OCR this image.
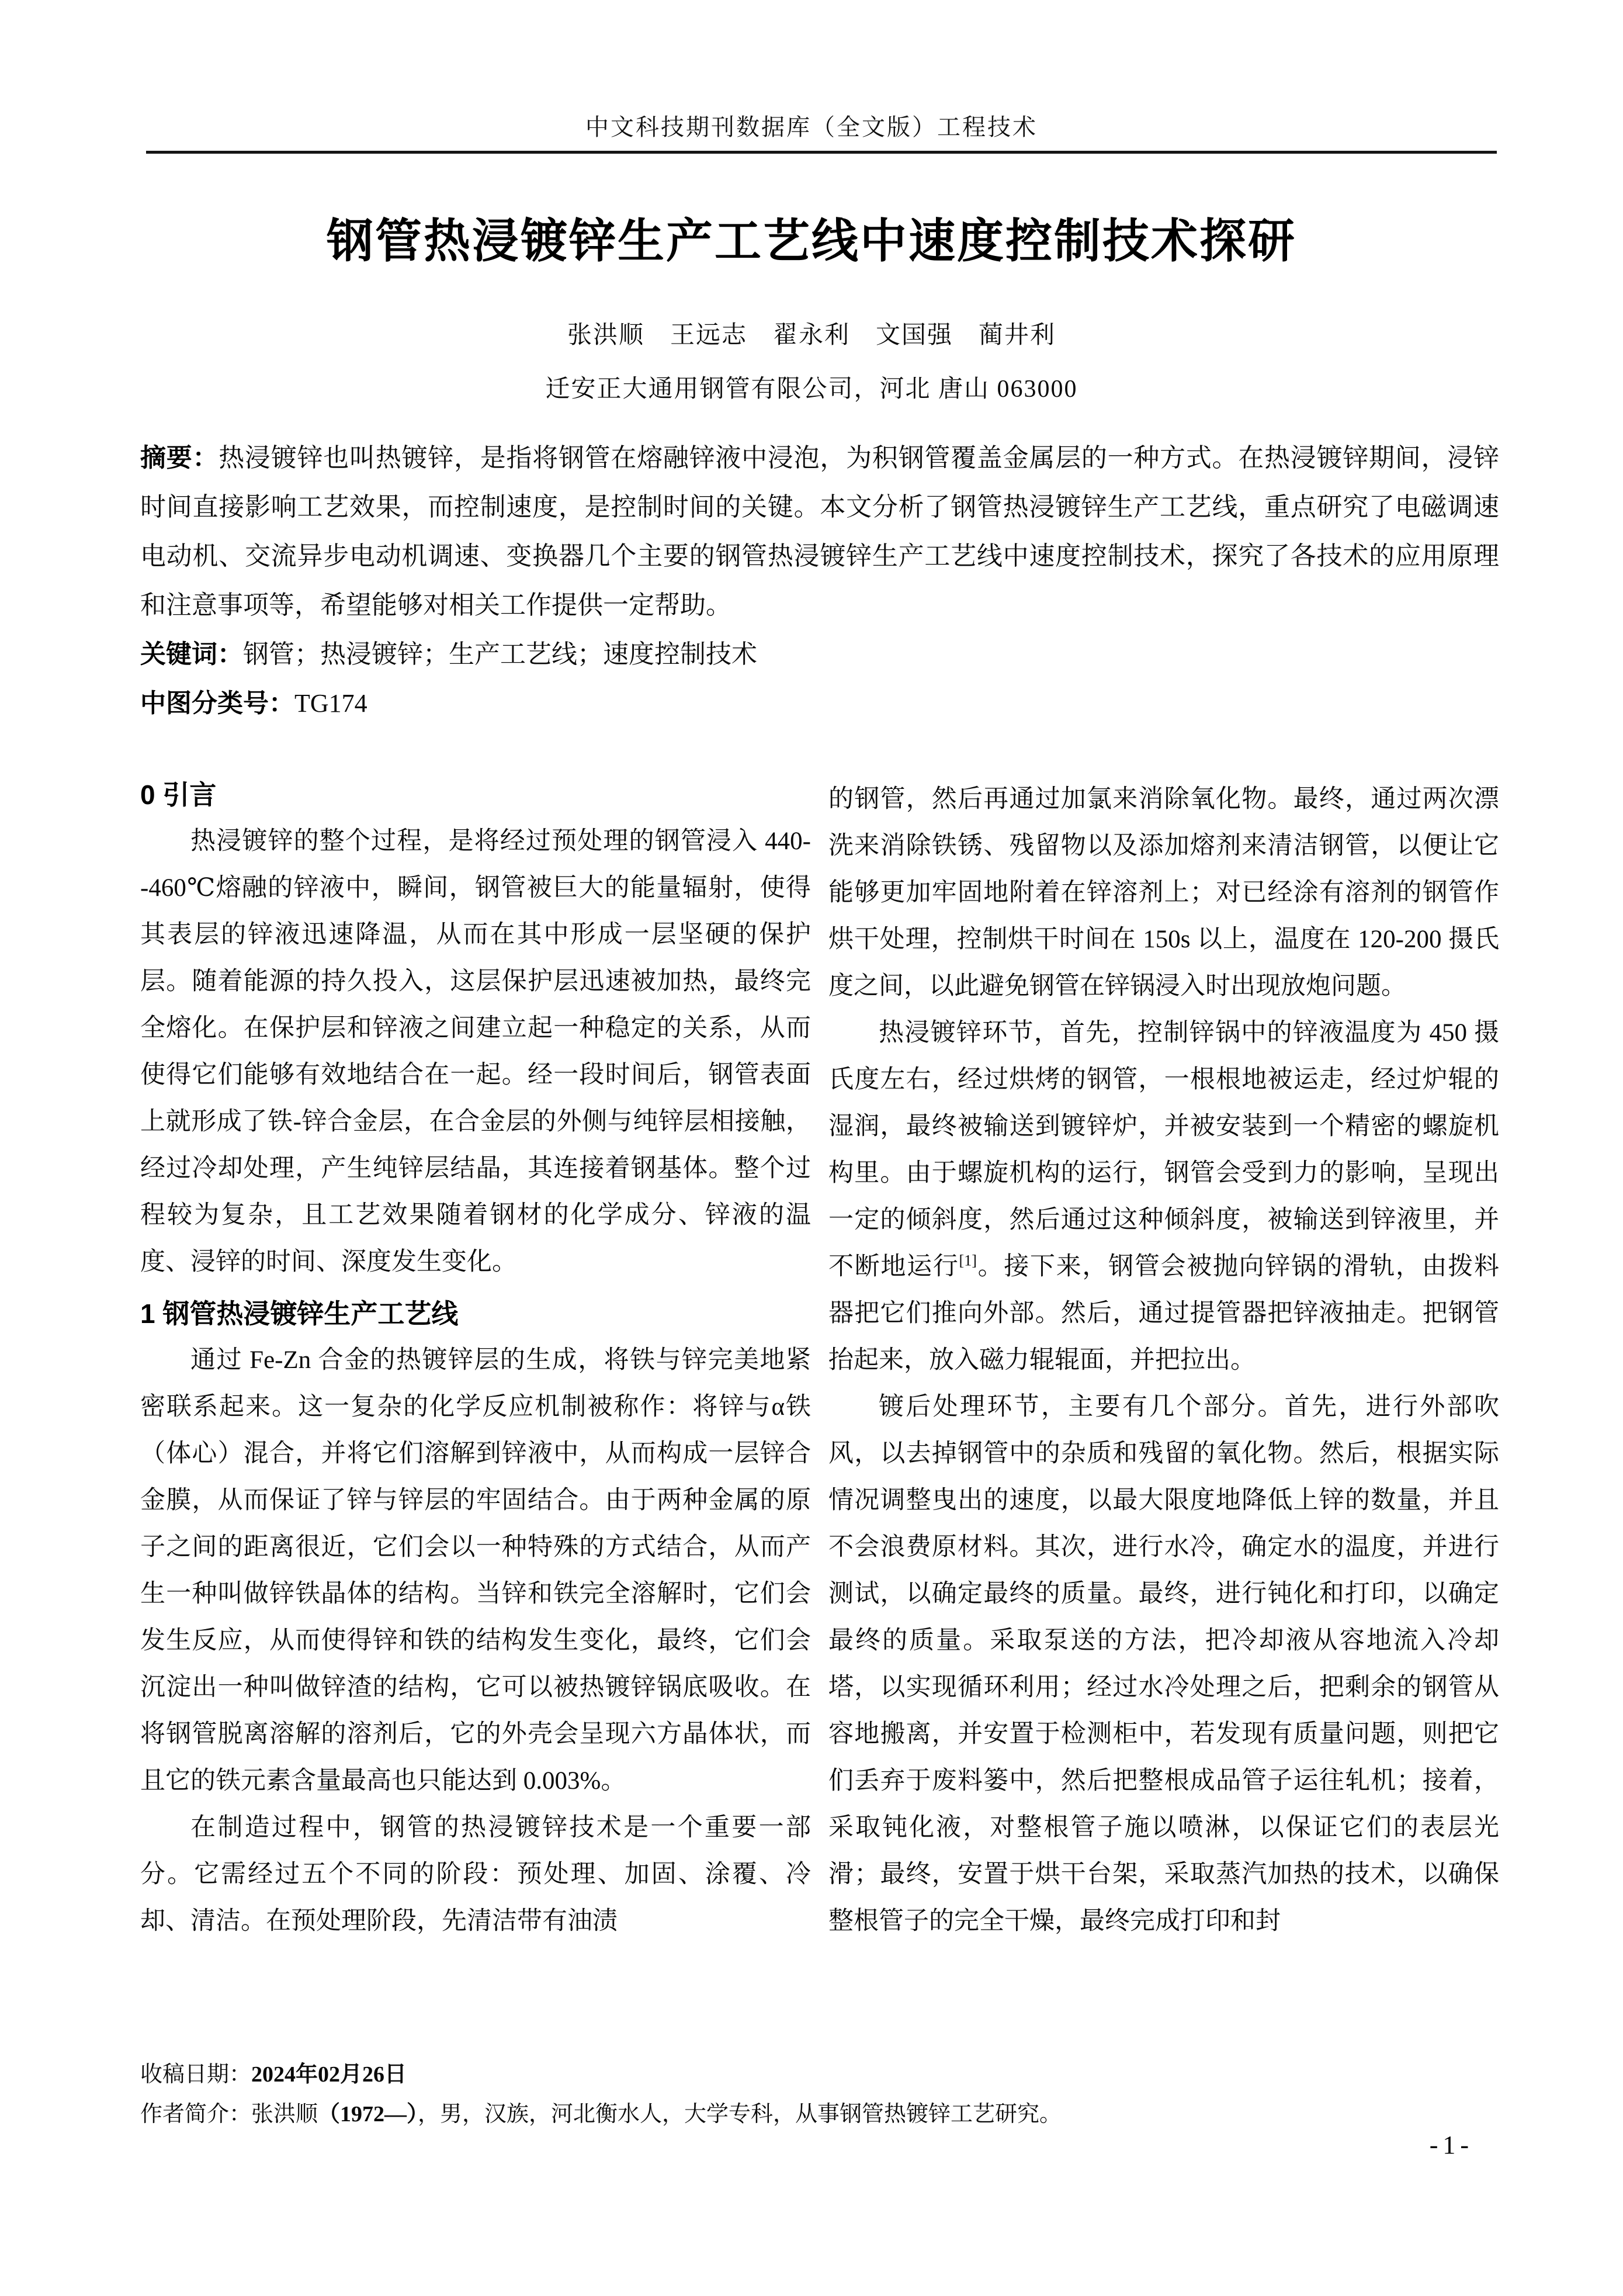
中文科技期刊数据库（全文版）工程技术
钢管热浸镀锌生产工艺线中速度控制技术探研
张洪顺　王远志　翟永利　文国强　蔺井利
迁安正大通用钢管有限公司，河北 唐山 063000

摘要：热浸镀锌也叫热镀锌，是指将钢管在熔融锌液中浸泡，为积钢管覆盖金属层的一种方式。在热浸镀锌期间，浸锌时间直接影响工艺效果，而控制速度，是控制时间的关键。本文分析了钢管热浸镀锌生产工艺线，重点研究了电磁调速电动机、交流异步电动机调速、变换器几个主要的钢管热浸镀锌生产工艺线中速度控制技术，探究了各技术的应用原理和注意事项等，希望能够对相关工作提供一定帮助。

关键词：钢管；热浸镀锌；生产工艺线；速度控制技术

中图分类号：TG174

0 引言

热浸镀锌的整个过程，是将经过预处理的钢管浸入 440--460℃熔融的锌液中，瞬间，钢管被巨大的能量辐射，使得其表层的锌液迅速降温，从而在其中形成一层坚硬的保护层。随着能源的持久投入，这层保护层迅速被加热，最终完全熔化。在保护层和锌液之间建立起一种稳定的关系，从而使得它们能够有效地结合在一起。经一段时间后，钢管表面上就形成了铁-锌合金层，在合金层的外侧与纯锌层相接触，经过冷却处理，产生纯锌层结晶，其连接着钢基体。整个过程较为复杂，且工艺效果随着钢材的化学成分、锌液的温度、浸锌的时间、深度发生变化。

1 钢管热浸镀锌生产工艺线

通过 Fe-Zn 合金的热镀锌层的生成，将铁与锌完美地紧密联系起来。这一复杂的化学反应机制被称作：将锌与α铁（体心）混合，并将它们溶解到锌液中，从而构成一层锌合金膜，从而保证了锌与锌层的牢固结合。由于两种金属的原子之间的距离很近，它们会以一种特殊的方式结合，从而产生一种叫做锌铁晶体的结构。当锌和铁完全溶解时，它们会发生反应，从而使得锌和铁的结构发生变化，最终，它们会沉淀出一种叫做锌渣的结构，它可以被热镀锌锅底吸收。在将钢管脱离溶解的溶剂后，它的外壳会呈现六方晶体状，而且它的铁元素含量最高也只能达到 0.003%。

在制造过程中，钢管的热浸镀锌技术是一个重要一部分。它需经过五个不同的阶段：预处理、加固、涂覆、冷却、清洁。在预处理阶段，先清洁带有油渍

的钢管，然后再通过加氯来消除氧化物。最终，通过两次漂洗来消除铁锈、残留物以及添加熔剂来清洁钢管，以便让它能够更加牢固地附着在锌溶剂上；对已经涂有溶剂的钢管作烘干处理，控制烘干时间在 150s 以上，温度在 120-200 摄氏度之间，以此避免钢管在锌锅浸入时出现放炮问题。

热浸镀锌环节，首先，控制锌锅中的锌液温度为 450 摄氏度左右，经过烘烤的钢管，一根根地被运走，经过炉辊的湿润，最终被输送到镀锌炉，并被安装到一个精密的螺旋机构里。由于螺旋机构的运行，钢管会受到力的影响，呈现出一定的倾斜度，然后通过这种倾斜度，被输送到锌液里，并不断地运行[1]。接下来，钢管会被抛向锌锅的滑轨，由拨料器把它们推向外部。然后，通过提管器把锌液抽走。把钢管抬起来，放入磁力辊辊面，并把拉出。

镀后处理环节，主要有几个部分。首先，进行外部吹风，以去掉钢管中的杂质和残留的氧化物。然后，根据实际情况调整曳出的速度，以最大限度地降低上锌的数量，并且不会浪费原材料。其次，进行水冷，确定水的温度，并进行测试，以确定最终的质量。最终，进行钝化和打印，以确定最终的质量。采取泵送的方法，把冷却液从容地流入冷却塔，以实现循环利用；经过水冷处理之后，把剩余的钢管从容地搬离，并安置于检测柜中，若发现有质量问题，则把它们丢弃于废料篓中，然后把整根成品管子运往轧机；接着，采取钝化液，对整根管子施以喷淋，以保证它们的表层光滑；最终，安置于烘干台架，采取蒸汽加热的技术，以确保整根管子的完全干燥，最终完成打印和封

收稿日期：2024年02月26日
作者简介：张洪顺（1972—），男，汉族，河北衡水人，大学专科，从事钢管热镀锌工艺研究。
-1-
